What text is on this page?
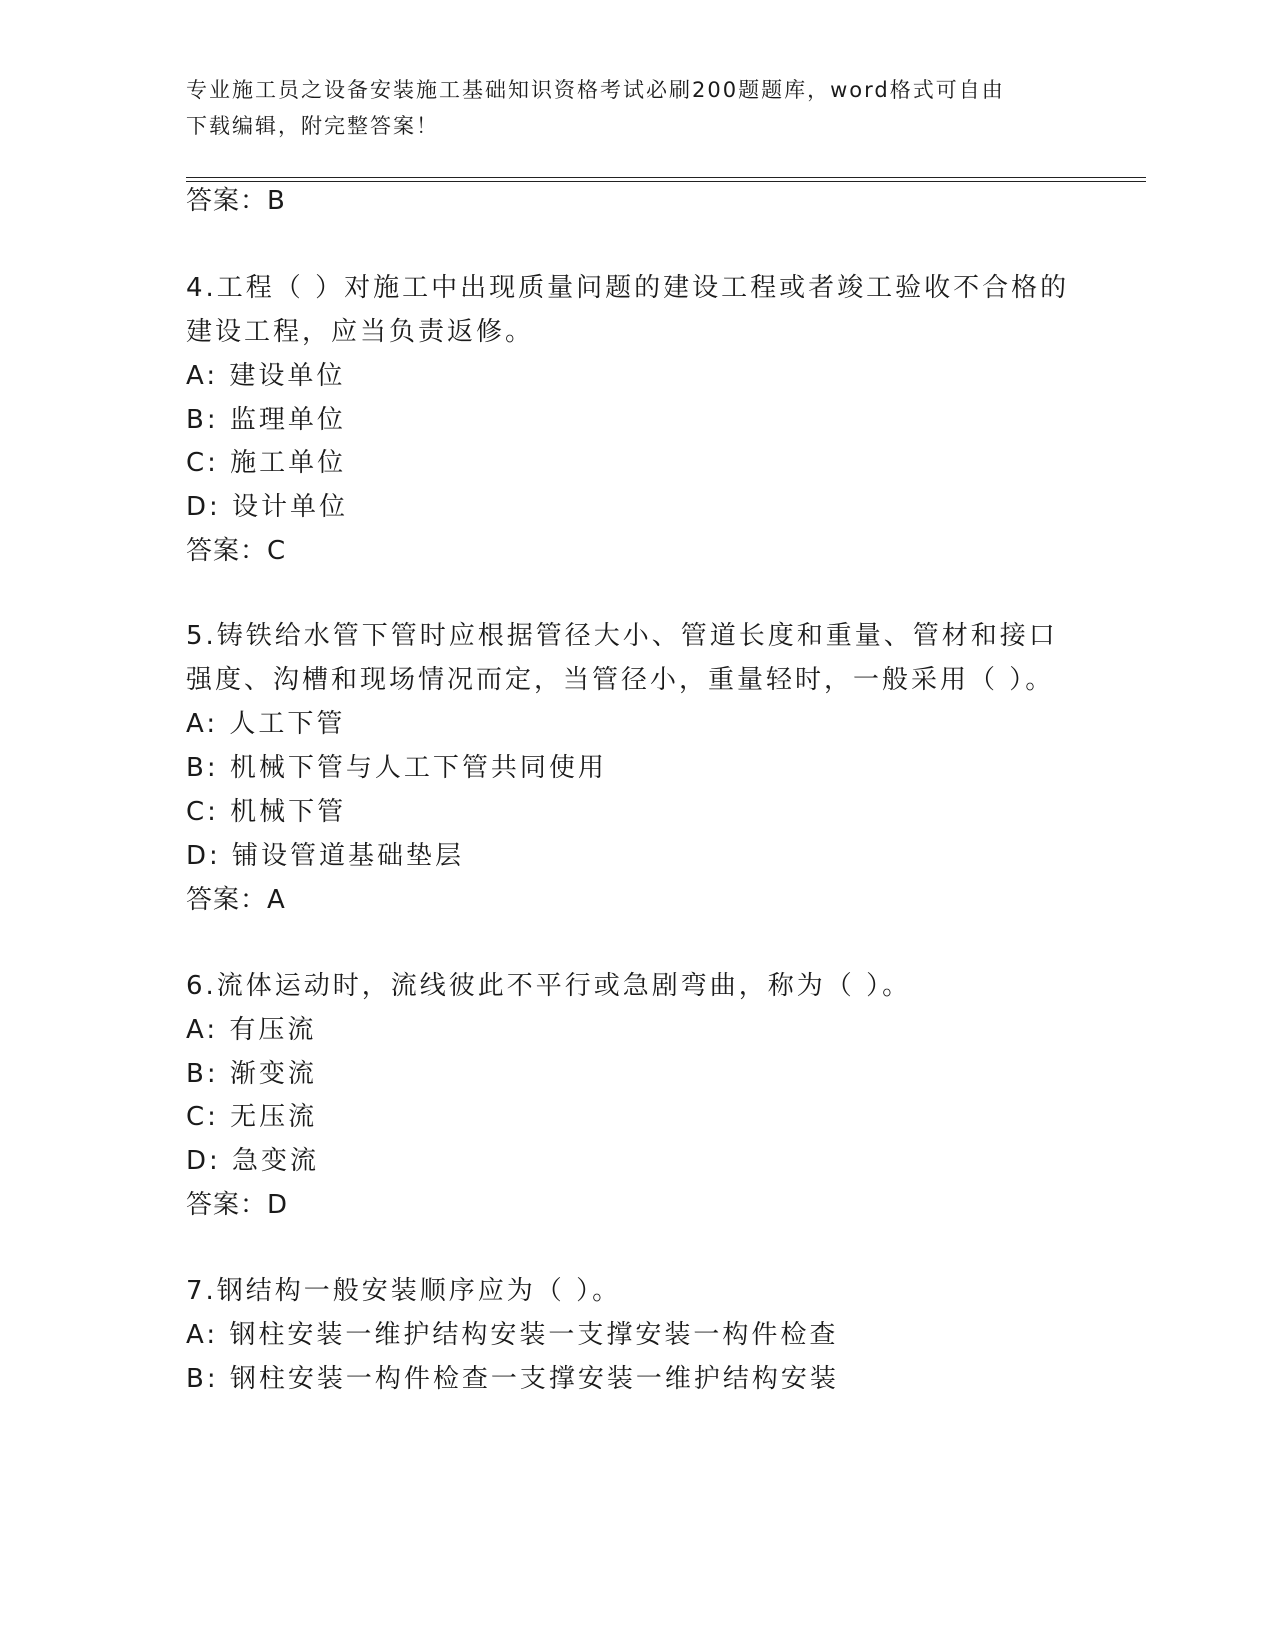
专业施工员之设备安装施工基础知识资格考试必刷200题题库，word格式可自由
下载编辑，附完整答案！
答案：B
4.工程（ ）对施工中出现质量问题的建设工程或者竣工验收不合格的
建设工程，应当负责返修。
A: 建设单位
B: 监理单位
C: 施工单位
D: 设计单位
答案：C
5.铸铁给水管下管时应根据管径大小、管道长度和重量、管材和接口
强度、沟槽和现场情况而定，当管径小，重量轻时，一般采用（ ）。
A: 人工下管
B: 机械下管与人工下管共同使用
C: 机械下管
D: 铺设管道基础垫层
答案：A
6.流体运动时，流线彼此不平行或急剧弯曲，称为（ ）。
A: 有压流
B: 渐变流
C: 无压流
D: 急变流
答案：D
7.钢结构一般安装顺序应为（ ）。
A: 钢柱安装一维护结构安装一支撑安装一构件检查
B: 钢柱安装一构件检查一支撑安装一维护结构安装
